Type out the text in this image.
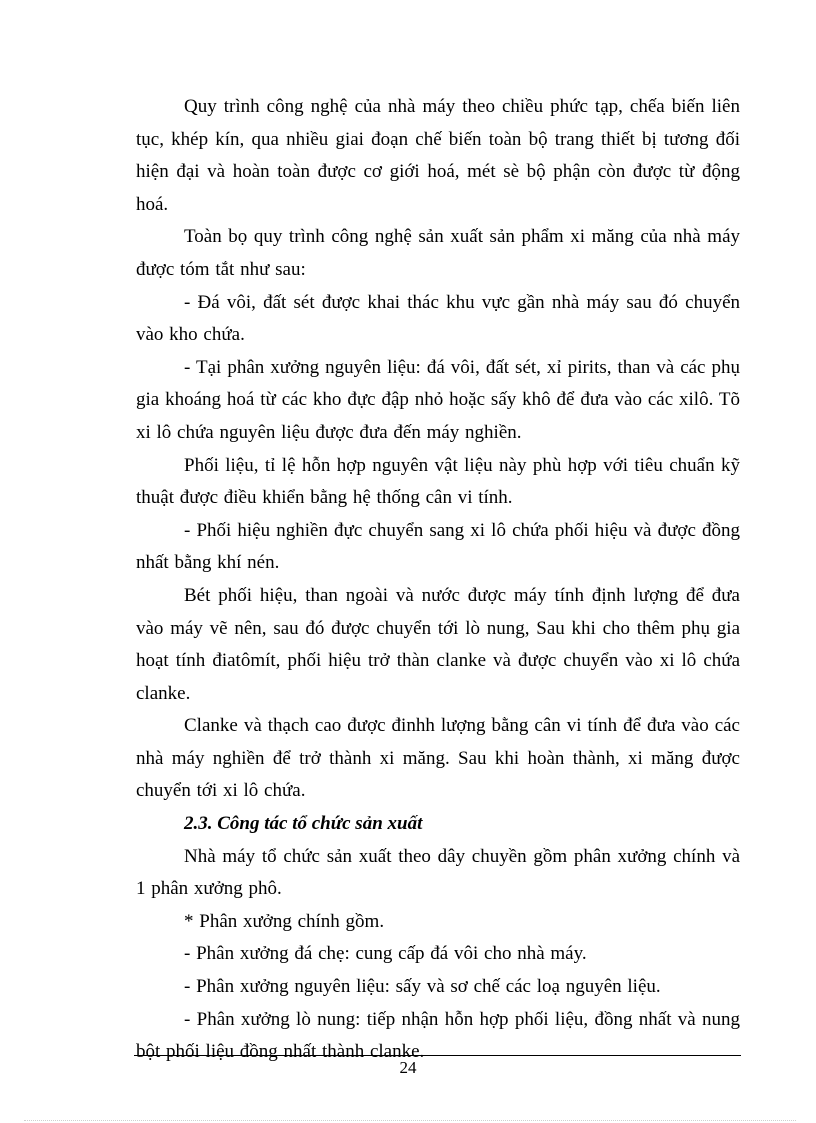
Quy trình công nghệ của nhà máy theo chiều phức tạp, chếa biến liên tục, khép kín, qua nhiều giai đoạn chế biến toàn bộ trang thiết bị tương đối hiện đại và hoàn toàn được cơ giới hoá, mét sè bộ phận còn được từ động hoá.

Toàn bọ quy trình công nghệ sản xuất sản phẩm xi măng của nhà máy được tóm tắt như sau:

- Đá vôi, đất sét được khai thác khu vực gần nhà máy sau đó chuyển vào kho chứa.

- Tại phân xưởng nguyên liệu: đá vôi, đất sét, xỉ pirits, than và các phụ gia khoáng hoá từ các kho đực đập nhỏ hoặc sấy khô để đưa vào các xilô. Tõ xi lô chứa nguyên liệu được đưa đến máy nghiền.

Phối liệu, tỉ lệ hỗn hợp nguyên vật liệu này phù hợp với tiêu chuẩn kỹ thuật được điều khiển bằng hệ thống cân vi tính.

- Phối hiệu nghiền đực chuyển sang xi lô chứa phối hiệu và được đồng nhất bằng khí nén.

Bét phối hiệu, than ngoài và nước được máy tính định lượng để đưa vào máy vẽ nên, sau đó được chuyển tới lò nung, Sau khi cho thêm phụ gia hoạt tính điatômít, phối hiệu trở thàn clanke và được chuyển vào xi lô chứa clanke.

Clanke và thạch cao được đinhh lượng bằng cân vi tính để đưa vào các nhà máy nghiền để trở thành xi măng. Sau khi hoàn thành, xi măng được chuyển tới xi lô chứa.

2.3. Công tác tổ chức sản xuất

Nhà máy tổ chức sản xuất theo dây chuyền gồm phân xưởng chính và 1 phân xưởng phô.

* Phân xưởng chính gồm.

- Phân xưởng đá chẹ: cung cấp đá vôi cho nhà máy.

- Phân xưởng nguyên liệu: sấy và sơ chế các loạ nguyên liệu.

- Phân xưởng lò nung: tiếp nhận hỗn hợp phối liệu, đồng nhất và nung bột phối liệu đồng nhất thành clanke.

24
